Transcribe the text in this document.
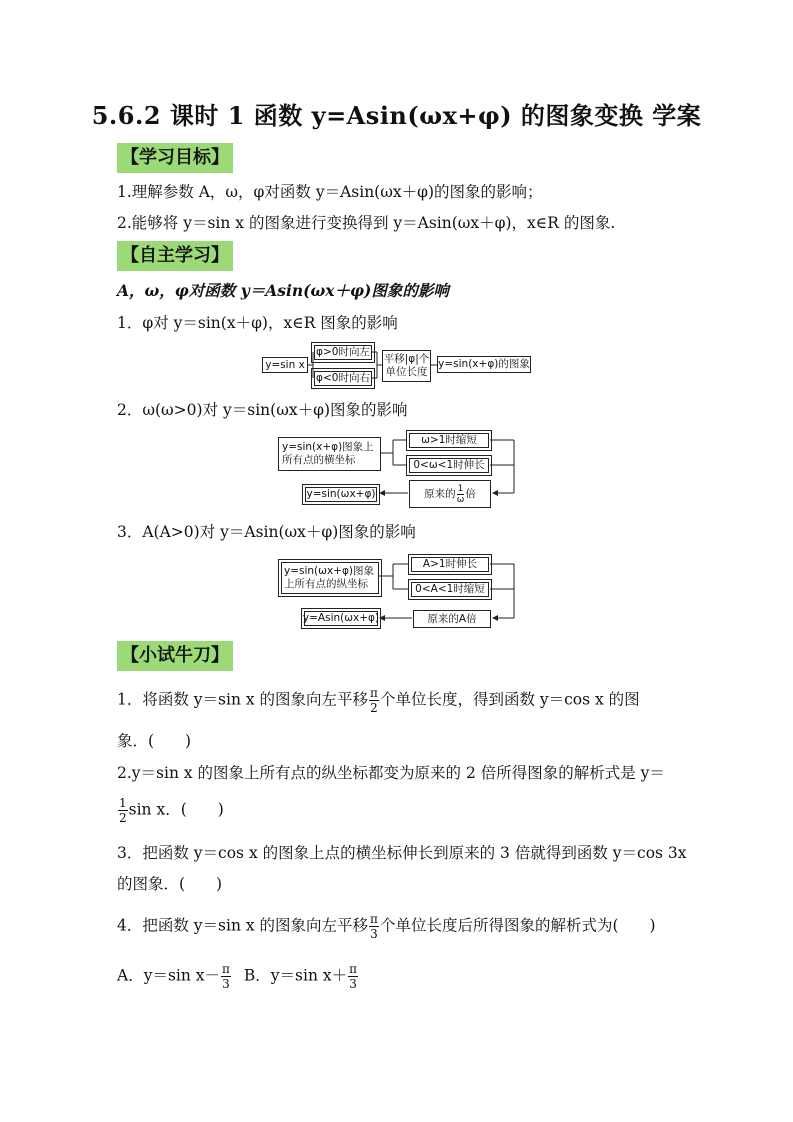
5.6.2 课时 1 函数 y=Asin(ωx+φ) 的图象变换 学案
【学习目标】
1.理解参数 A，ω，φ对函数 y＝Asin(ωx＋φ)的图象的影响；
2.能够将 y＝sin x 的图象进行变换得到 y＝Asin(ωx＋φ)，x∈R 的图象.
【自主学习】
A，ω，φ对函数 y＝Asin(ωx＋φ)图象的影响
1．φ对 y＝sin(x＋φ)，x∈R 图象的影响
y=sin x
φ>0时向左
φ<0时向右
平移|φ|个
单位长度
y=sin(x+φ)的图象
2．ω(ω>0)对 y＝sin(ωx＋φ)图象的影响
y=sin(x+φ)图象上
所有点的横坐标
ω>1时缩短
0<ω<1时伸长
原来的 $\frac{1}{\omega}$ 倍
y=sin(ωx+φ)
3．A(A>0)对 y＝Asin(ωx＋φ)图象的影响
y=sin(ωx+φ)图象
上所有点的纵坐标
A>1时伸长
0<A<1时缩短
原来的A倍
y=Asin(ωx+φ)
【小试牛刀】
1．将函数 y＝sin x 的图象向左平移 $\frac{\pi}{2}$ 个单位长度，得到函数 y＝cos x 的图
象．(　　)
2.y＝sin x 的图象上所有点的纵坐标都变为原来的 2 倍所得图象的解析式是 y＝
$\frac{1}{2}$ sin x．(　　)
3．把函数 y＝cos x 的图象上点的横坐标伸长到原来的 3 倍就得到函数 y＝cos 3x
的图象．(　　)
4．把函数 y＝sin x 的图象向左平移 $\frac{\pi}{3}$ 个单位长度后所得图象的解析式为(　　)
A．y＝sin $x- \frac{\pi}{3}$ B．y＝sin $x+ \frac{\pi}{3}$
